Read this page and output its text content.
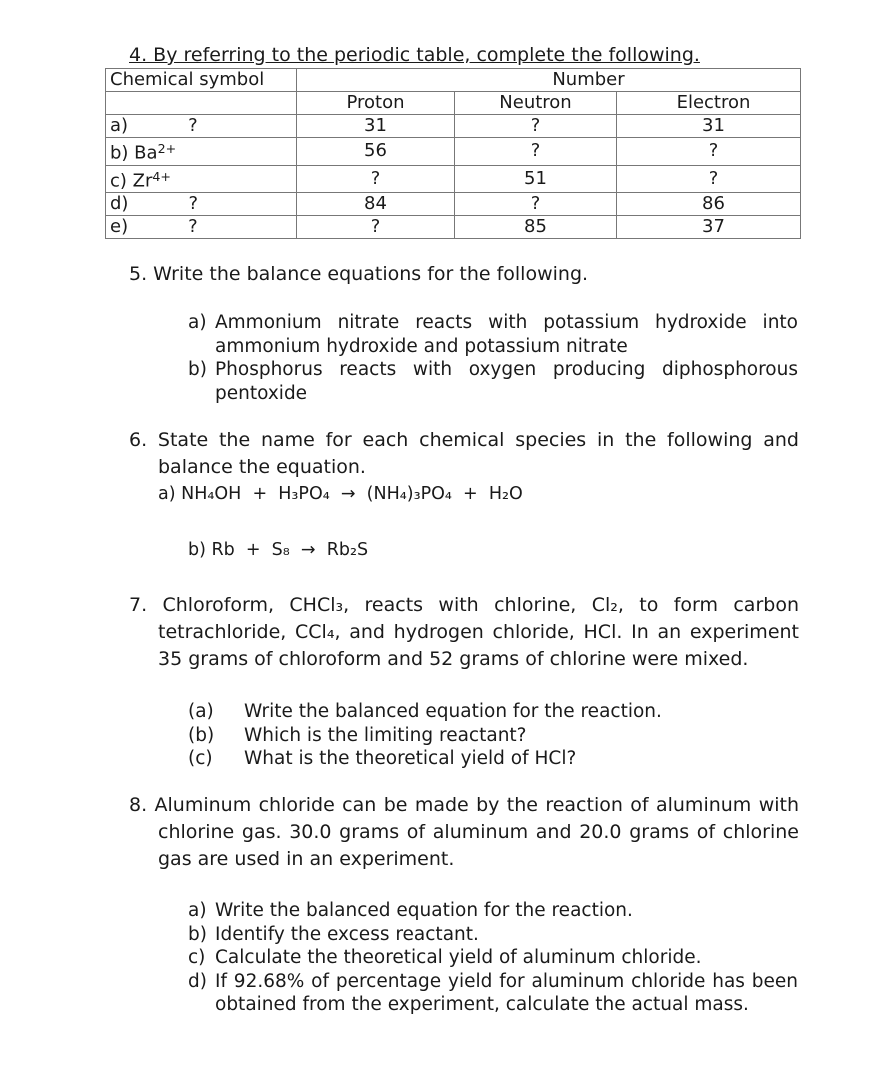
4. By referring to the periodic table, complete the following.
Chemical symbol	Number		
	Proton	Neutron	Electron
a) ?	31	?	31
b) $Ba^{2+}$	56	?	?
c) $Zr^{4+}$	?	51	?
d) ?	84	?	86
e) ?	?	85	37
5. Write the balance equations for the following.
a) Ammonium nitrate reacts with potassium hydroxide into ammonium hydroxide and potassium nitrate
b) Phosphorus reacts with oxygen producing diphosphorous pentoxide
6. State the name for each chemical species in the following and
balance the equation.
a) NH₄OH  +  H₃PO₄  →  (NH₄)₃PO₄  +  H₂O
b) Rb  +  S₈  →  Rb₂S

7. Chloroform, CHCl₃, reacts with chlorine, Cl₂, to form carbon

tetrachloride, CCl₄, and hydrogen chloride, HCl. In an experiment

35 grams of chloroform and 52 grams of chlorine were mixed.

(a)	Write the balanced equation for the reaction.
(b)	Which is the limiting reactant?
(c)	What is the theoretical yield of HCl?

8. Aluminum chloride can be made by the reaction of aluminum with

chlorine gas. 30.0 grams of aluminum and 20.0 grams of chlorine

gas are used in an experiment.

a) Write the balanced equation for the reaction.
b) Identify the excess reactant.
c) Calculate the theoretical yield of aluminum chloride.
d) If 92.68% of percentage yield for aluminum chloride has been obtained from the experiment, calculate the actual mass.
